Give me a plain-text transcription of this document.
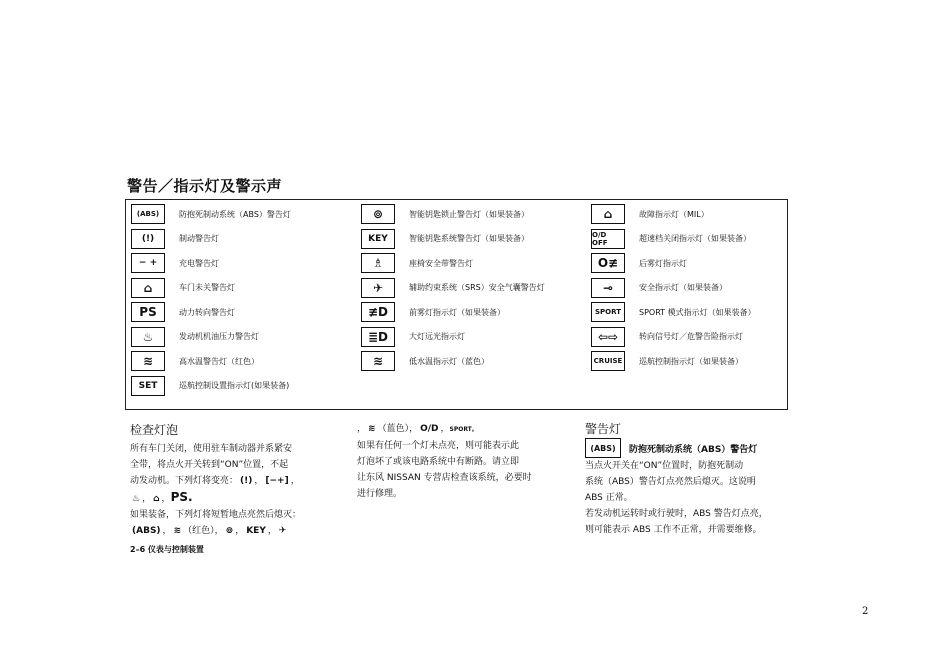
警告／指示灯及警示声
(ABS)	防抱死制动系统（ABS）警告灯
(!)	制动警告灯
− +	充电警告灯
⌂	车门未关警告灯
PS	动力转向警告灯
♨	发动机机油压力警告灯
≋	高水温警告灯（红色）
SET	巡航控制设置指示灯(如果装备)
⊚	智能钥匙锁止警告灯（如果装备）
KEY	智能钥匙系统警告灯（如果装备）
♗	座椅安全带警告灯
✈	辅助约束系统（SRS）安全气囊警告灯
≢D	前雾灯指示灯（如果装备）
≣D	大灯远光指示灯
≋	低水温指示灯（蓝色）
⌂	故障指示灯（MIL）
O/D OFF	超速档关闭指示灯（如果装备）
O≢	后雾灯指示灯
⊸	安全指示灯（如果装备）
SPORT	SPORT 模式指示灯（如果装备）
⇦⇨	转向信号灯／危警告险指示灯
CRUISE	巡航控制指示灯（如果装备）
检查灯泡
所有车门关闭，使用驻车制动器并系紧安
全带，将点火开关转到“ON”位置，不起
动发动机。下列灯将变亮： (!) ， [−+] ，
♨ ， ⌂ ，PS.
如果装备，下列灯将短暂地点亮然后熄灭：
(ABS) ， ≋ （红色）， ⊚ ， KEY ， ✈
， ≋ （蓝色）， O/D ，SPORT。
如果有任何一个灯未点亮，则可能表示此
灯泡坏了或该电路系统中有断路。请立即
让东风 NISSAN 专营店检查该系统，必要时
进行修理。
警告灯
(ABS)	防抱死制动系统（ABS）警告灯
当点火开关在“ON”位置时，防抱死制动
系统（ABS）警告灯点亮然后熄灭。这说明
ABS 正常。
若发动机运转时或行驶时，ABS 警告灯点亮，
则可能表示 ABS 工作不正常，并需要维修。
2–6 仪表与控制装置
2
